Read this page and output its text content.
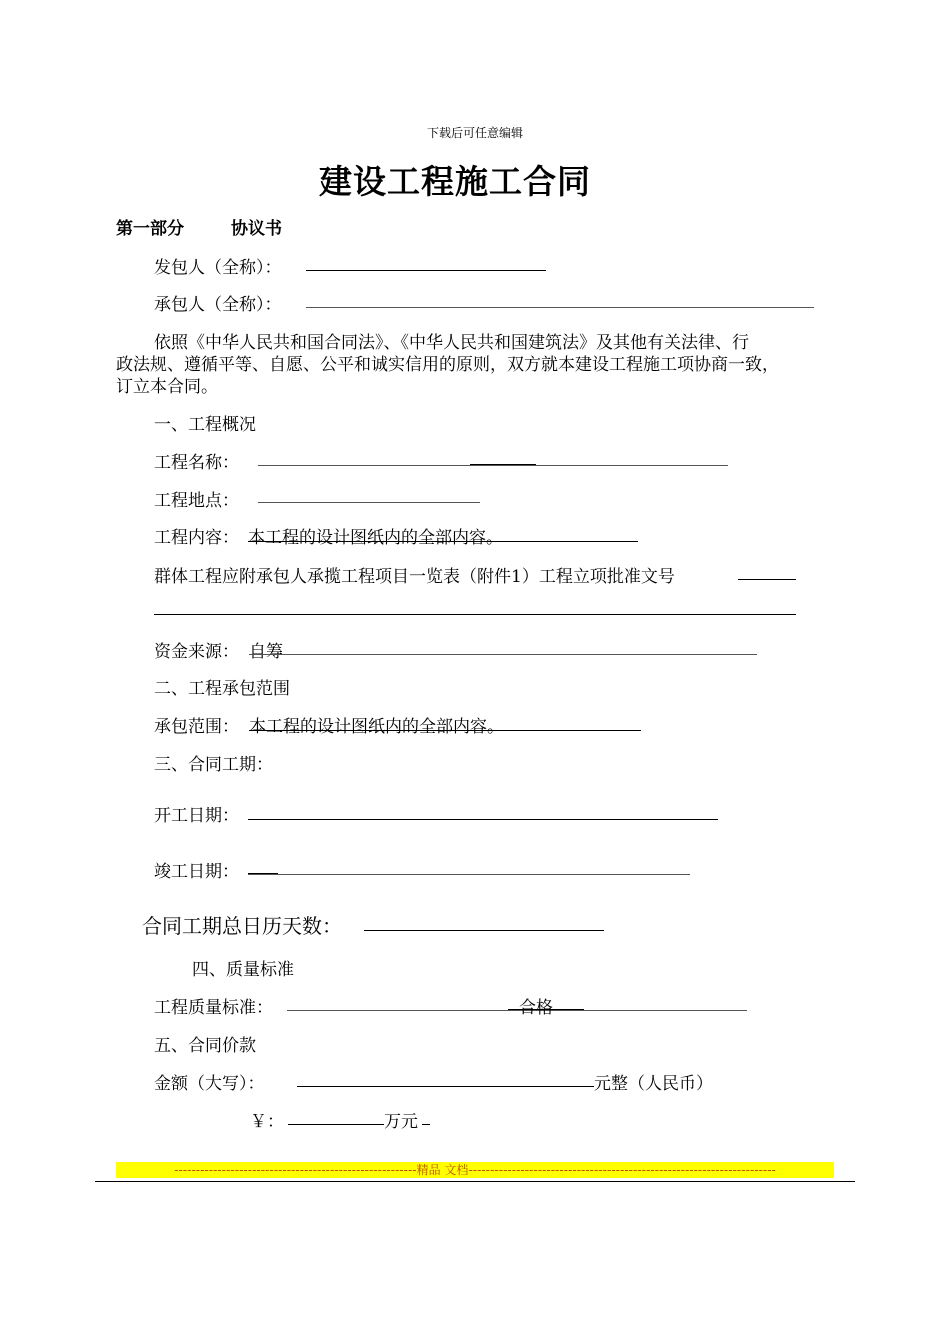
下载后可任意编辑
建设工程施工合同
第一部分	协议书
发包人（全称）：
承包人（全称）：
依照《中华人民共和国合同法》、《中华人民共和国建筑法》及其他有关法律、行
政法规、遵循平等、自愿、公平和诚实信用的原则，双方就本建设工程施工项协商一致，
订立本合同。
一、工程概况
工程名称：
工程地点：
工程内容： 本工程的设计图纸内的全部内容。
群体工程应附承包人承揽工程项目一览表（附件1）工程立项批准文号
资金来源： 自筹
二、工程承包范围
承包范围： 本工程的设计图纸内的全部内容。
三、合同工期：
开工日期：
竣工日期：
合同工期总日历天数：
四、质量标准
工程质量标准：	合格
五、合同价款
金额（大写）：	元整（人民币）
￥：	万元
--------------------------------------------------------精品 文档-----------------------------------------------------------------------
